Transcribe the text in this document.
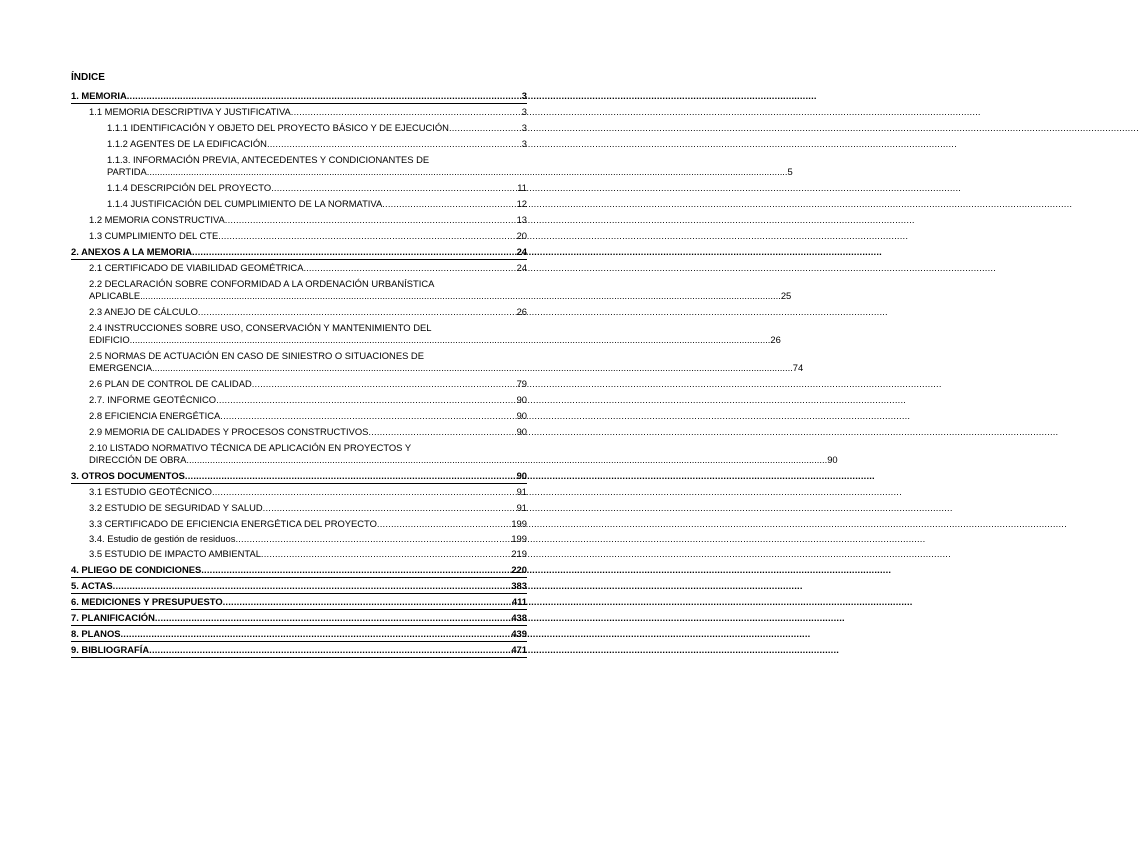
ÍNDICE
1. MEMORIA .....	3
1.1 MEMORIA DESCRIPTIVA Y JUSTIFICATIVA .....	3
1.1.1 IDENTIFICACIÓN Y OBJETO DEL PROYECTO BÁSICO Y DE EJECUCIÓN .....	3
1.1.2 AGENTES DE LA EDIFICACIÓN .....	3
1.1.3. INFORMACIÓN PREVIA, ANTECEDENTES Y CONDICIONANTES DE
PARTIDA .....	5
1.1.4 DESCRIPCIÓN DEL PROYECTO .....	11
1.1.4 JUSTIFICACIÓN DEL CUMPLIMIENTO DE LA NORMATIVA .....	12
1.2 MEMORIA CONSTRUCTIVA .....	13
1.3 CUMPLIMIENTO DEL CTE .....	20
2. ANEXOS A LA MEMORIA .....	24
2.1 CERTIFICADO DE VIABILIDAD GEOMÉTRICA. .....	24
2.2 DECLARACIÓN SOBRE CONFORMIDAD A LA ORDENACIÓN URBANÍSTICA
APLICABLE .....	25
2.3 ANEJO DE CÁLCULO .....	26
2.4 INSTRUCCIONES SOBRE USO, CONSERVACIÓN Y MANTENIMIENTO DEL
EDIFICIO .....	26
2.5 NORMAS DE ACTUACIÓN EN CASO DE SINIESTRO O SITUACIONES DE
EMERGENCIA .....	74
2.6 PLAN DE CONTROL DE CALIDAD .....	79
2.7. INFORME GEOTÉCNICO .....	90
2.8 EFICIENCIA ENERGÉTICA .....	90
2.9 MEMORIA DE CALIDADES Y PROCESOS CONSTRUCTIVOS .....	90
2.10 LISTADO NORMATIVO TÉCNICA DE APLICACIÓN EN PROYECTOS Y
DIRECCIÓN DE OBRA .....	90
3. OTROS DOCUMENTOS .....	90
3.1 ESTUDIO GEOTÉCNICO .....	91
3.2 ESTUDIO DE SEGURIDAD Y SALUD .....	91
3.3 CERTIFICADO DE EFICIENCIA ENERGÉTICA DEL PROYECTO .....	199
3.4. Estudio de gestión de residuos .....	199
3.5 ESTUDIO DE IMPACTO AMBIENTAL .....	219
4. PLIEGO DE CONDICIONES .....	220
5. ACTAS .....	383
6. MEDICIONES Y PRESUPUESTO .....	411
7. PLANIFICACIÓN .....	438
8. PLANOS .....	439
9. BIBLIOGRAFÍA .....	471
